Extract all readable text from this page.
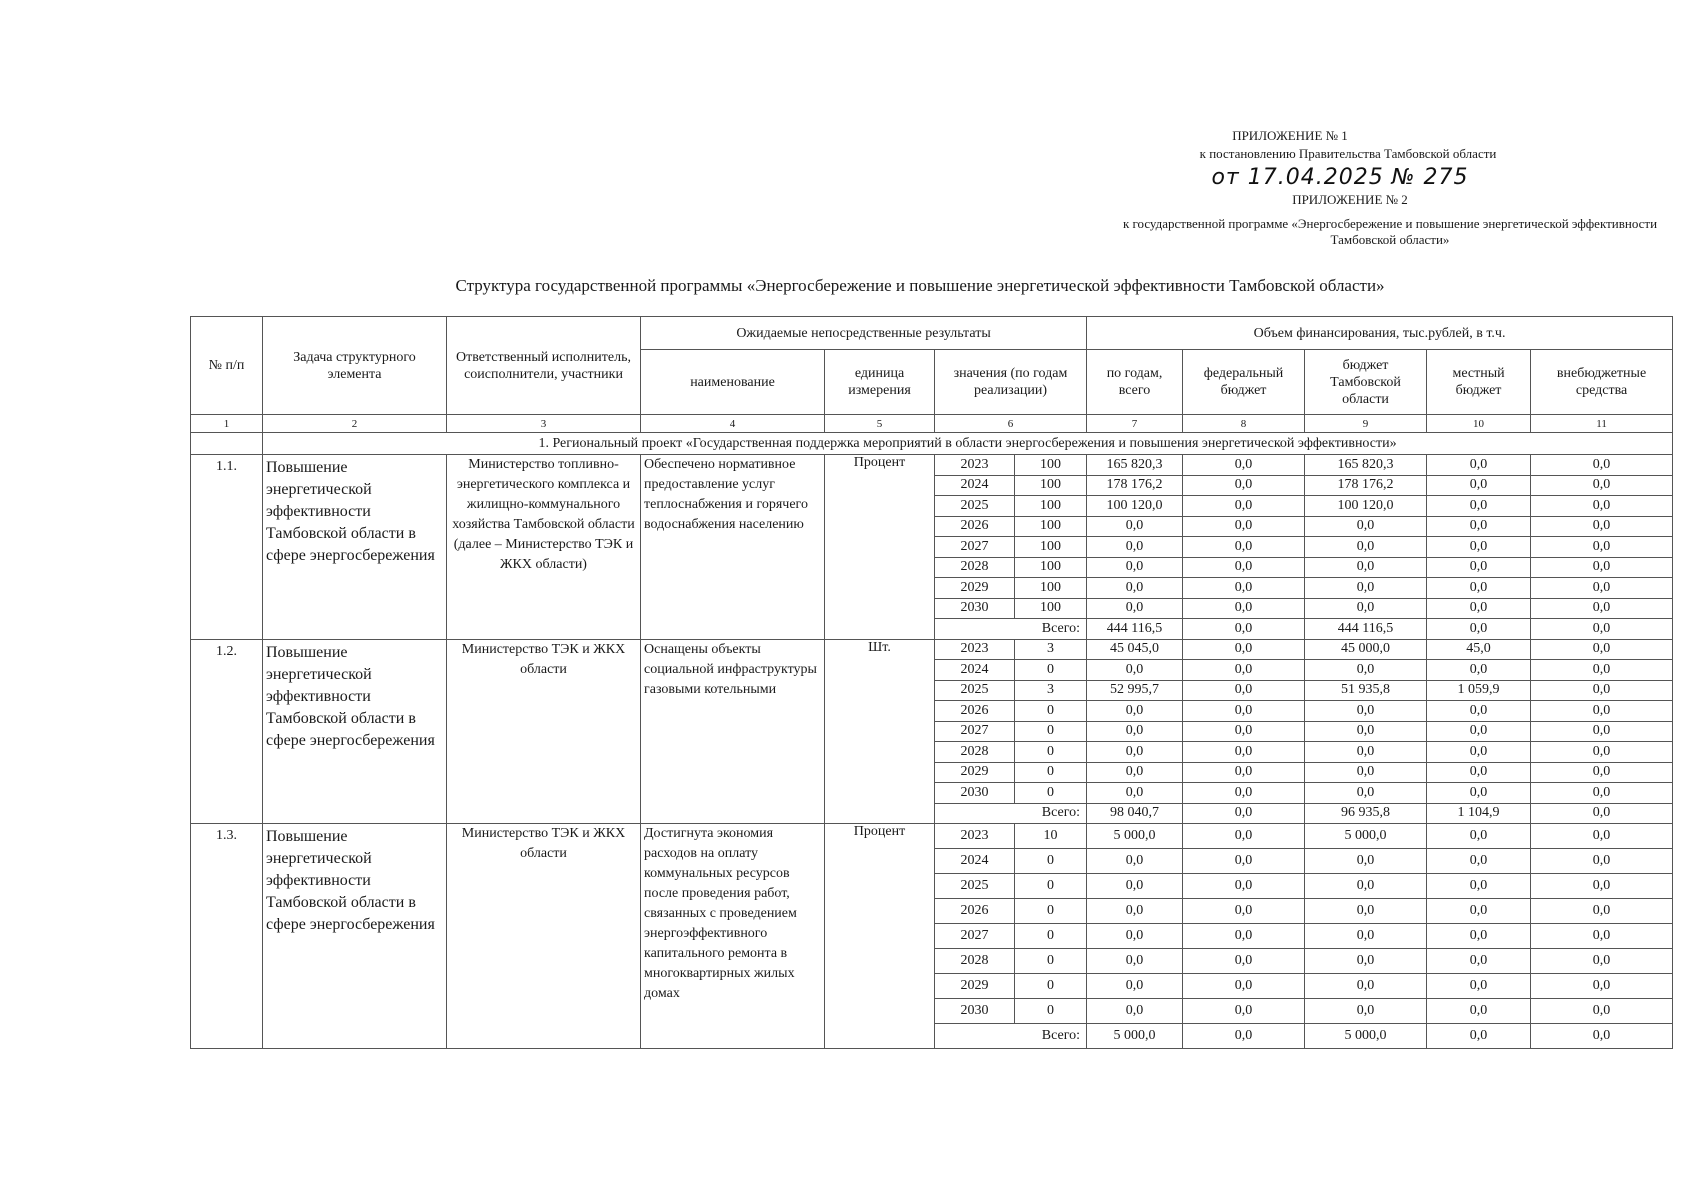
ПРИЛОЖЕНИЕ № 1
к постановлению Правительства Тамбовской области
от 17.04.2025 № 275
ПРИЛОЖЕНИЕ № 2
к государственной программе «Энергосбережение и повышение энергетической эффективности Тамбовской области»
Структура государственной программы «Энергосбережение и повышение энергетической эффективности Тамбовской области»
№ п/п	Задача структурного элемента	Ответственный исполнитель, соисполнители, участники	Ожидаемые непосредственные результаты				Объем финансирования, тыс.рублей, в т.ч.				
			наименование	единица измерения	значения (по годам реализации)		по годам, всего	федеральный бюджет	бюджет Тамбовской области	местный бюджет	внебюджетные средства
1	2	3	4	5	6		7	8	9	10	11
	1. Региональный проект «Государственная поддержка мероприятий в области энергосбережения и повышения энергетической эффективности»										
1.1.	Повышение энергетической эффективности Тамбовской области в сфере энергосбережения	Министерство топливно-энергетического комплекса и жилищно-коммунального хозяйства Тамбовской области (далее – Министерство ТЭК и ЖКХ области)	Обеспечено нормативное предоставление услуг теплоснабжения и горячего водоснабжения населению	Процент	2023	100	165 820,3	0,0	165 820,3	0,0	0,0
					2024	100	178 176,2	0,0	178 176,2	0,0	0,0
					2025	100	100 120,0	0,0	100 120,0	0,0	0,0
					2026	100	0,0	0,0	0,0	0,0	0,0
					2027	100	0,0	0,0	0,0	0,0	0,0
					2028	100	0,0	0,0	0,0	0,0	0,0
					2029	100	0,0	0,0	0,0	0,0	0,0
					2030	100	0,0	0,0	0,0	0,0	0,0
					Всего:		444 116,5	0,0	444 116,5	0,0	0,0
1.2.	Повышение энергетической эффективности Тамбовской области в сфере энергосбережения	Министерство ТЭК и ЖКХ области	Оснащены объекты социальной инфраструктуры газовыми котельными	Шт.	2023	3	45 045,0	0,0	45 000,0	45,0	0,0
					2024	0	0,0	0,0	0,0	0,0	0,0
					2025	3	52 995,7	0,0	51 935,8	1 059,9	0,0
					2026	0	0,0	0,0	0,0	0,0	0,0
					2027	0	0,0	0,0	0,0	0,0	0,0
					2028	0	0,0	0,0	0,0	0,0	0,0
					2029	0	0,0	0,0	0,0	0,0	0,0
					2030	0	0,0	0,0	0,0	0,0	0,0
					Всего:		98 040,7	0,0	96 935,8	1 104,9	0,0
1.3.	Повышение энергетической эффективности Тамбовской области в сфере энергосбережения	Министерство ТЭК и ЖКХ области	Достигнута экономия расходов на оплату коммунальных ресурсов после проведения работ, связанных с проведением энергоэффективного капитального ремонта в многоквартирных жилых домах	Процент	2023	10	5 000,0	0,0	5 000,0	0,0	0,0
					2024	0	0,0	0,0	0,0	0,0	0,0
					2025	0	0,0	0,0	0,0	0,0	0,0
					2026	0	0,0	0,0	0,0	0,0	0,0
					2027	0	0,0	0,0	0,0	0,0	0,0
					2028	0	0,0	0,0	0,0	0,0	0,0
					2029	0	0,0	0,0	0,0	0,0	0,0
					2030	0	0,0	0,0	0,0	0,0	0,0
					Всего:		5 000,0	0,0	5 000,0	0,0	0,0
